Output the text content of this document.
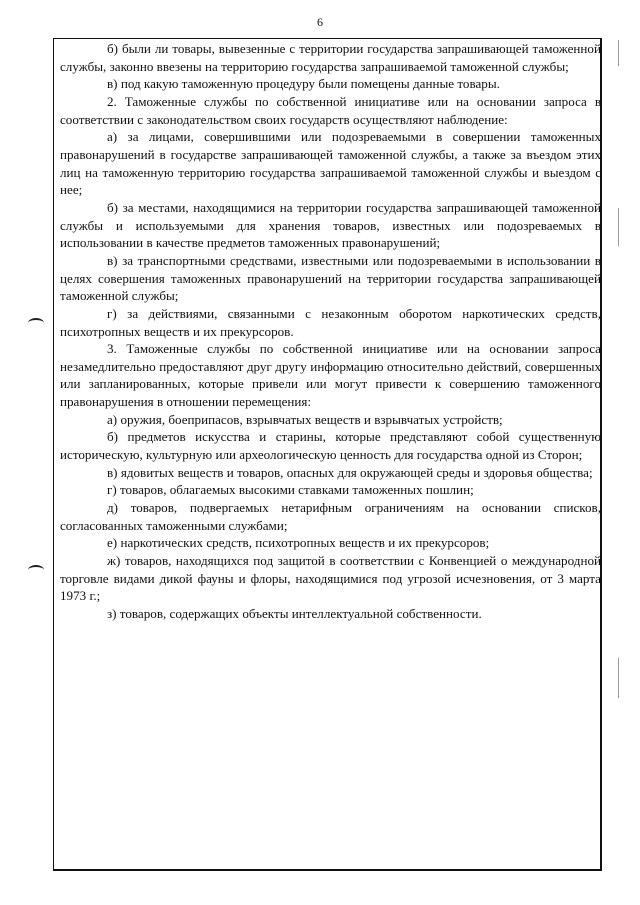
6

б) были ли товары, вывезенные с территории государства запрашивающей таможенной службы, законно ввезены на территорию государства запрашиваемой таможенной службы;

в) под какую таможенную процедуру были помещены данные товары.

2. Таможенные службы по собственной инициативе или на основании запроса в соответствии с законодательством своих государств осуществляют наблюдение:

а) за лицами, совершившими или подозреваемыми в совершении таможенных правонарушений в государстве запрашивающей таможенной службы, а также за въездом этих лиц на таможенную территорию государства запрашиваемой таможенной службы и выездом с нее;

б) за местами, находящимися на территории государства запрашивающей таможенной службы и используемыми для хранения товаров, известных или подозреваемых в использовании в качестве предметов таможенных правонарушений;

в) за транспортными средствами, известными или подозреваемыми в использовании в целях совершения таможенных правонарушений на территории государства запрашивающей таможенной службы;

г) за действиями, связанными с незаконным оборотом наркотических средств, психотропных веществ и их прекурсоров.

3. Таможенные службы по собственной инициативе или на основании запроса незамедлительно предоставляют друг другу информацию относительно действий, совершенных или запланированных, которые привели или могут привести к совершению таможенного правонарушения в отношении перемещения:

а) оружия, боеприпасов, взрывчатых веществ и взрывчатых устройств;

б) предметов искусства и старины, которые представляют собой существенную историческую, культурную или археологическую ценность для государства одной из Сторон;

в) ядовитых веществ и товаров, опасных для окружающей среды и здоровья общества;

г) товаров, облагаемых высокими ставками таможенных пошлин;

д) товаров, подвергаемых нетарифным ограничениям на основании списков, согласованных таможенными службами;

е) наркотических средств, психотропных веществ и их прекурсоров;

ж) товаров, находящихся под защитой в соответствии с Конвенцией о международной торговле видами дикой фауны и флоры, находящимися под угрозой исчезновения, от 3 марта 1973 г.;

з) товаров, содержащих объекты интеллектуальной собственности.
